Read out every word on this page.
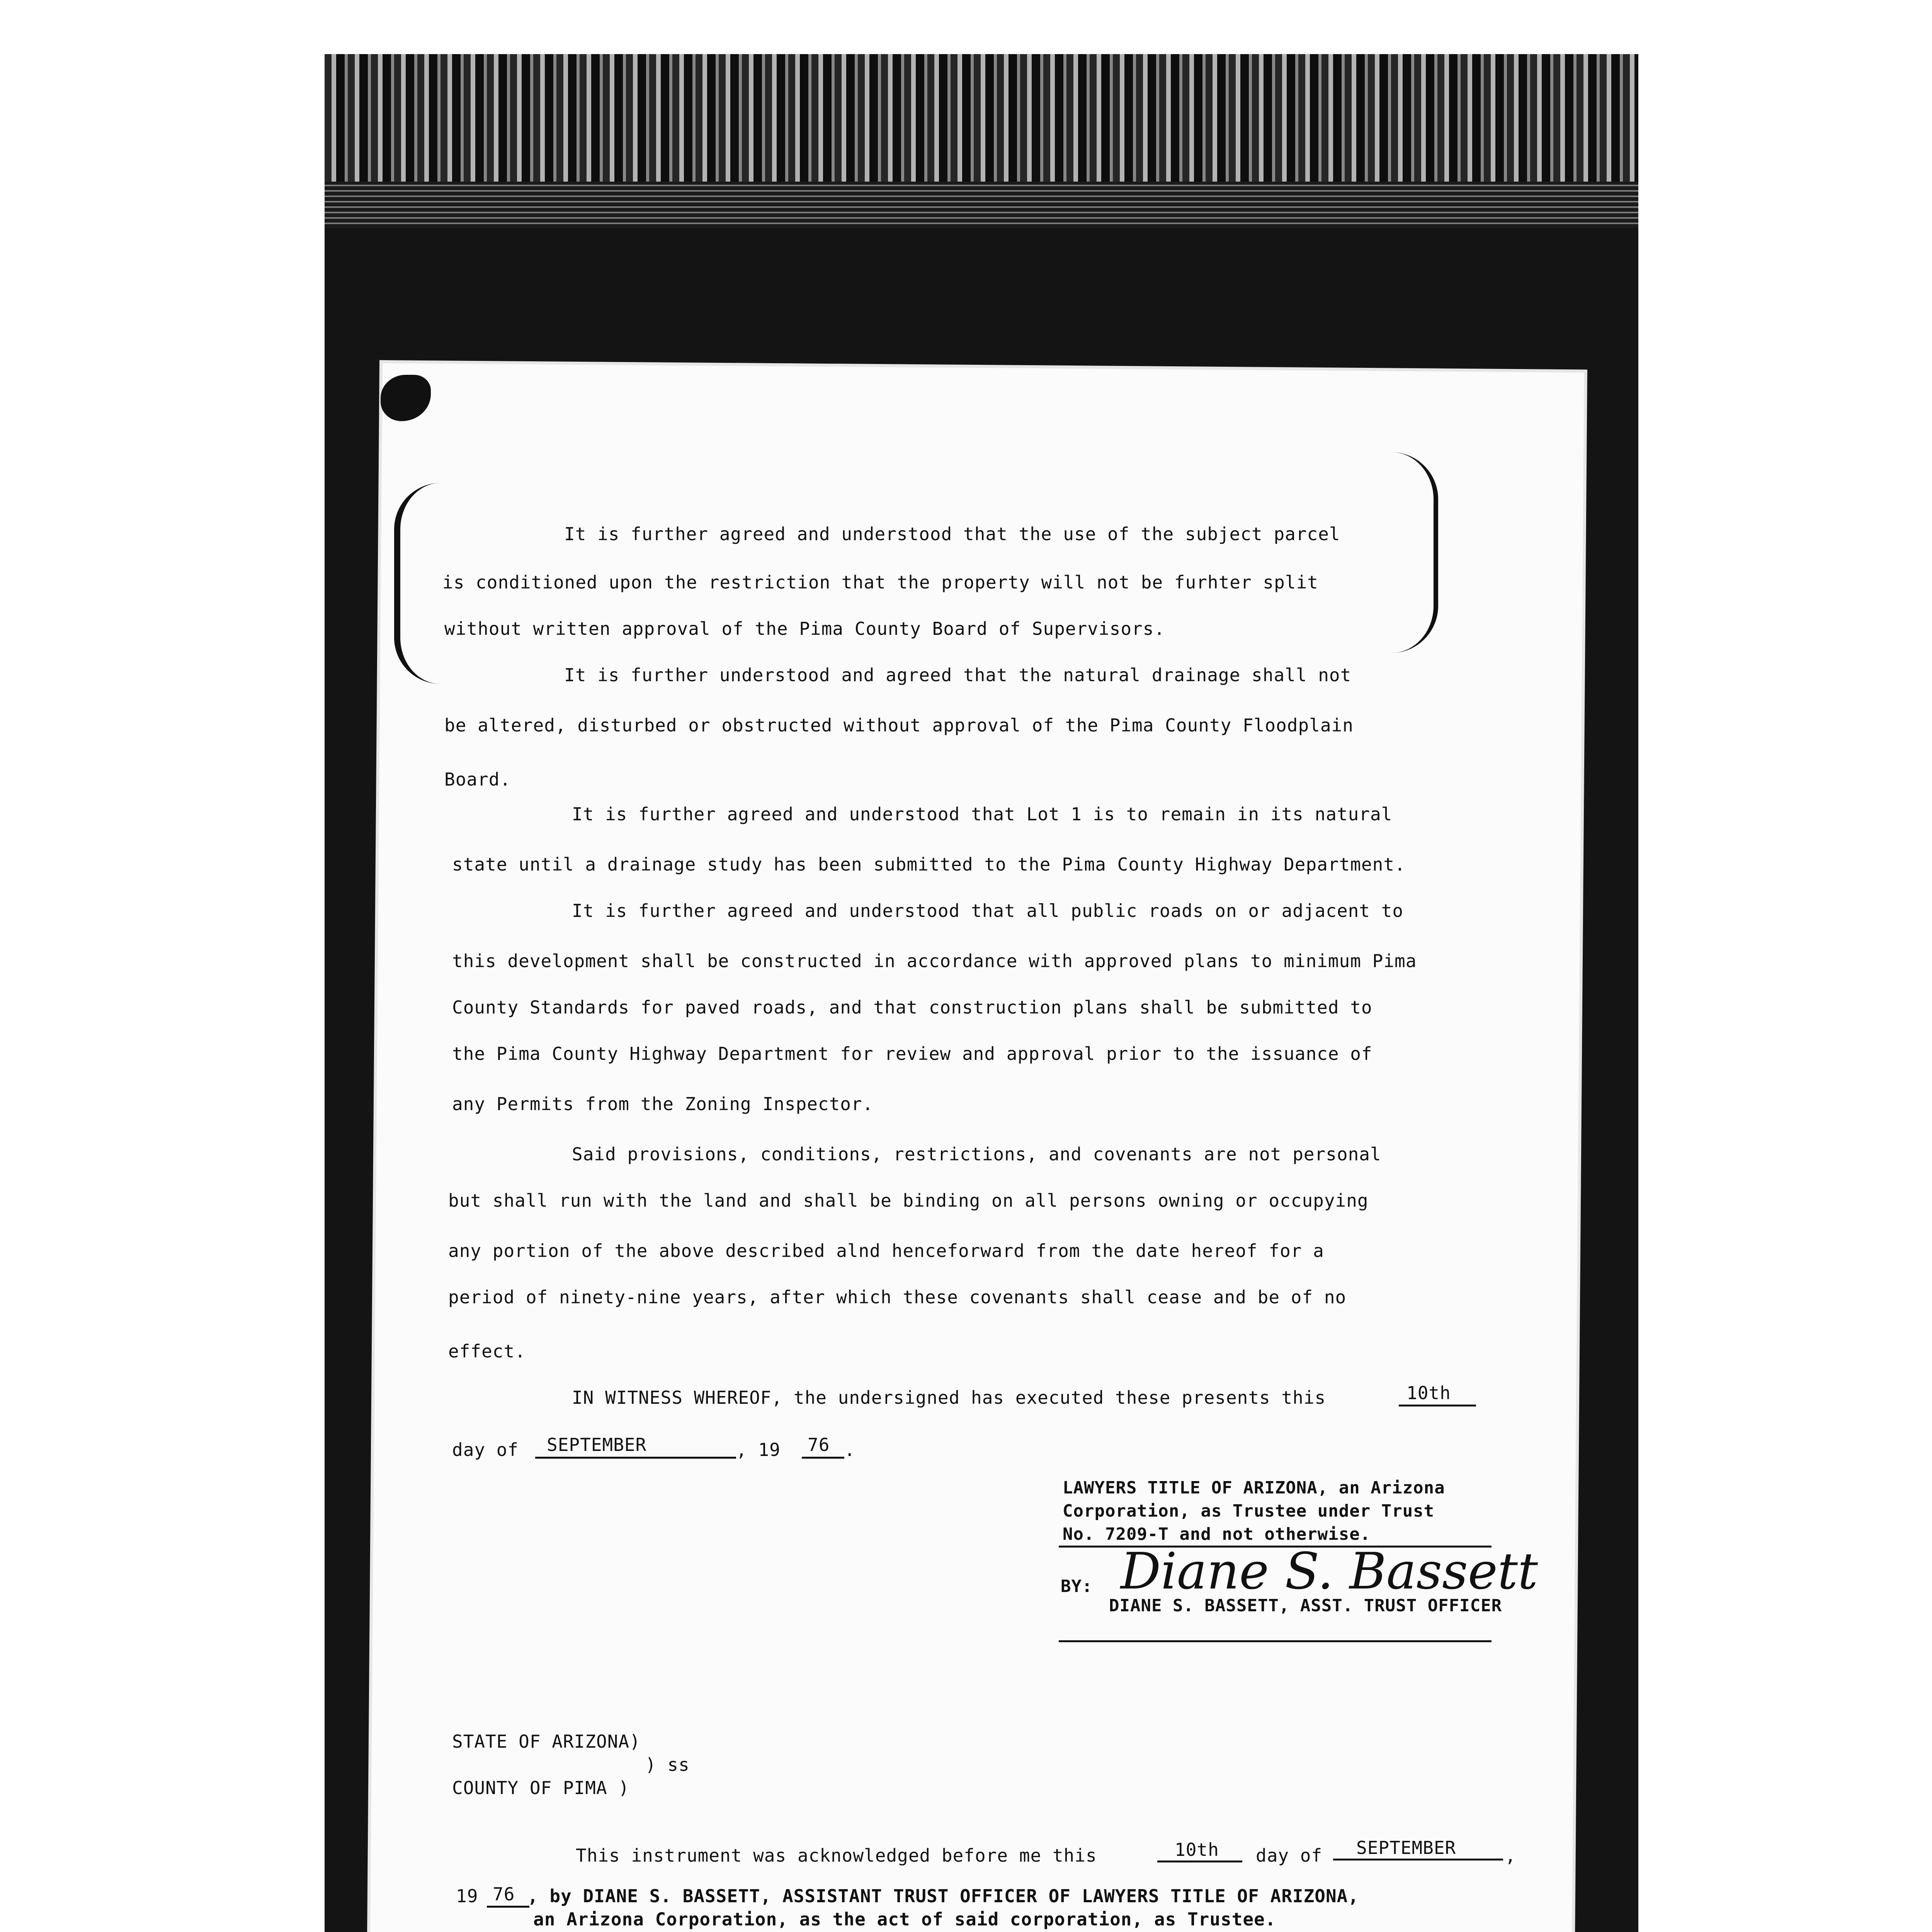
It is further agreed and understood that the use of the subject parcel
is conditioned upon the restriction that the property will not be furhter split
without written approval of the Pima County Board of Supervisors.
It is further understood and agreed that the natural drainage shall not
be altered, disturbed or obstructed without approval of the Pima County Floodplain
Board.
It is further agreed and understood that Lot 1 is to remain in its natural
state until a drainage study has been submitted to the Pima County Highway Department.
It is further agreed and understood that all public roads on or adjacent to
this development shall be constructed in accordance with approved plans to minimum Pima
County Standards for paved roads, and that construction plans shall be submitted to
the Pima County Highway Department for review and approval prior to the issuance of
any Permits from the Zoning Inspector.
Said provisions, conditions, restrictions, and covenants are not personal
but shall run with the land and shall be binding on all persons owning or occupying
any portion of the above described alnd henceforward from the date hereof for a
period of ninety-nine years, after which these covenants shall cease and be of no
effect.
IN WITNESS WHEREOF, the undersigned has executed these presents this	10th
day of SEPTEMBER	, 19 76 .
LAWYERS TITLE OF ARIZONA, an Arizona
Corporation, as Trustee under Trust
No. 7209-T and not otherwise.
BY: Diane S. Bassett
DIANE S. BASSETT, ASST. TRUST OFFICER
STATE OF ARIZONA)
) ss
COUNTY OF PIMA )
This instrument was acknowledged before me this	10th day of SEPTEMBER	,
19 76 , by DIANE S. BASSETT, ASSISTANT TRUST OFFICER OF LAWYERS TITLE OF ARIZONA,
an Arizona Corporation, as the act of said corporation, as Trustee.
